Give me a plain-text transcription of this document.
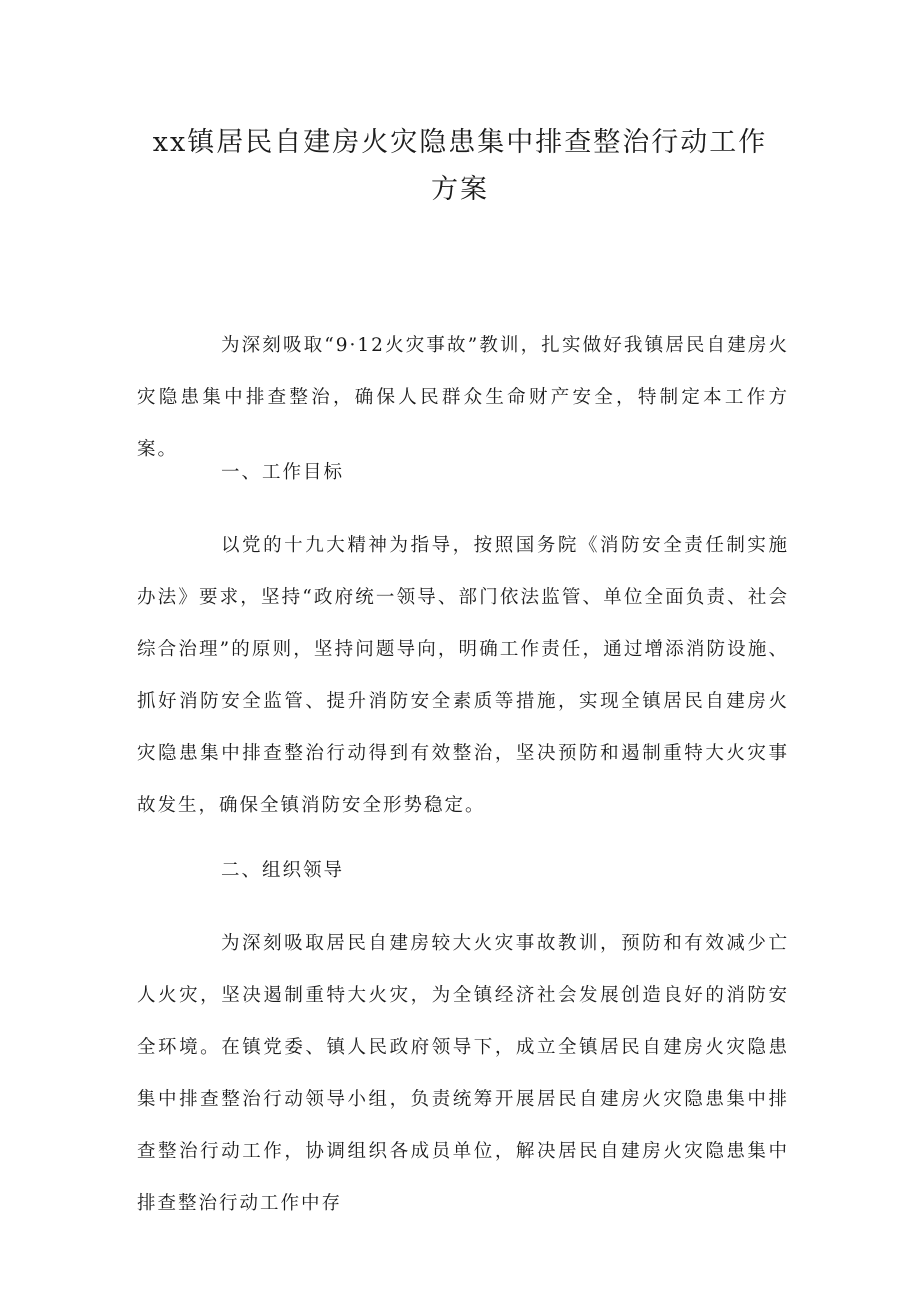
xx镇居民自建房火灾隐患集中排查整治行动工作
方案

为深刻吸取“9·12火灾事故”教训，扎实做好我镇居民自建房火灾隐患集中排查整治，确保人民群众生命财产安全，特制定本工作方案。

一、工作目标

以党的十九大精神为指导，按照国务院《消防安全责任制实施办法》要求，坚持“政府统一领导、部门依法监管、单位全面负责、社会综合治理”的原则，坚持问题导向，明确工作责任，通过增添消防设施、抓好消防安全监管、提升消防安全素质等措施，实现全镇居民自建房火灾隐患集中排查整治行动得到有效整治，坚决预防和遏制重特大火灾事故发生，确保全镇消防安全形势稳定。

二、组织领导

为深刻吸取居民自建房较大火灾事故教训，预防和有效减少亡人火灾，坚决遏制重特大火灾，为全镇经济社会发展创造良好的消防安全环境。在镇党委、镇人民政府领导下，成立全镇居民自建房火灾隐患集中排查整治行动领导小组，负责统筹开展居民自建房火灾隐患集中排查整治行动工作，协调组织各成员单位，解决居民自建房火灾隐患集中排查整治行动工作中存
